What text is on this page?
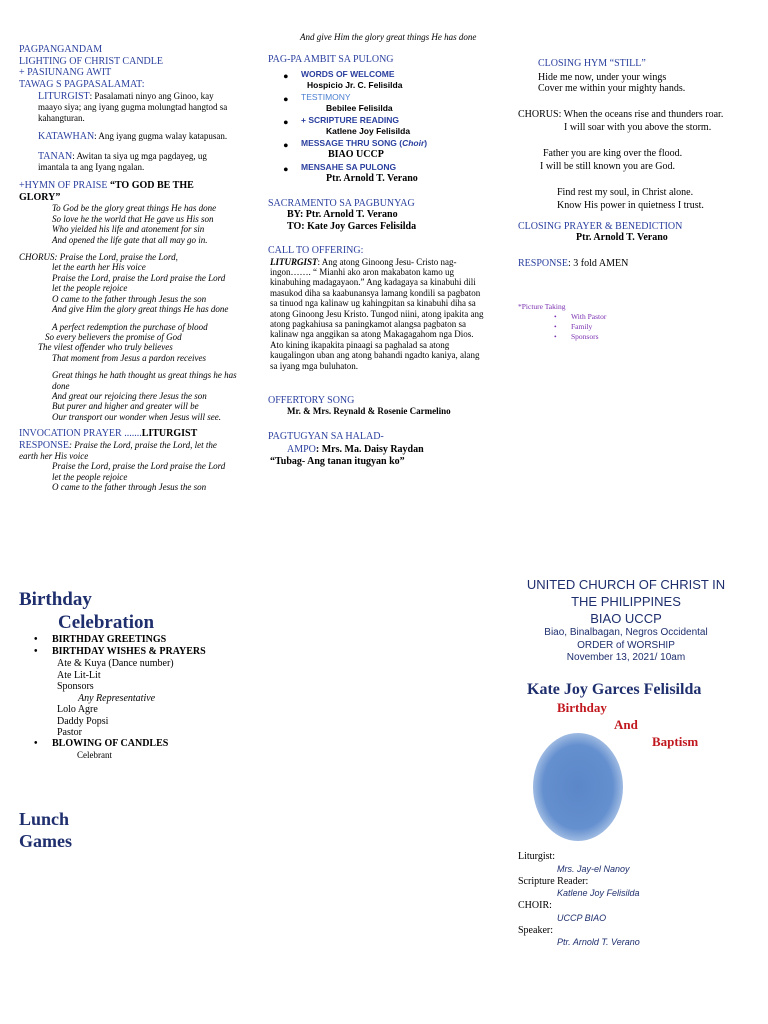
And give Him the glory great things He has done
PAGPANGANDAM
LIGHTING OF CHRIST CANDLE
+ PASIUNANG AWIT
TAWAG S PAGPASALAMAT:
LITURGIST: Pasalamati ninyo ang Ginoo, kay maayo siya; ang iyang gugma molungtad hangtod sa kahangturan.
KATAWHAN: Ang iyang gugma walay katapusan.
TANAN: Awitan ta siya ug mga pagdayeg, ug imantala ta ang Iyang ngalan.
+HYMN OF PRAISE “TO GOD BE THE GLORY”
To God be the glory great things He has done
So love he the world that He gave us His son
Who yielded his life and atonement for sin
And opened the life gate that all may go in.
CHORUS: Praise the Lord, praise the Lord,
let the earth her His voice
Praise the Lord, praise the Lord praise the Lord
let the people rejoice
O came to the father through Jesus the son
And give Him the glory great things He has done
A perfect redemption the purchase of blood
So every believers the promise of God
The vilest offender who truly believes
That moment from Jesus a pardon receives
Great things he hath thought us great things he has done
And great our rejoicing there Jesus the son
But purer and higher and greater will be
Our transport our wonder when Jesus will see.
INVOCATION PRAYER .......LITURGIST
RESPONSE: Praise the Lord, praise the Lord, let the earth her His voice
Praise the Lord, praise the Lord praise the Lord
let the people rejoice
O came to the father through Jesus the son
PAG-PA AMBIT SA PULONG
• WORDS OF WELCOME
Hospicio Jr. C. Felisilda
• TESTIMONY
Bebilee Felisilda
• + SCRIPTURE READING
Katlene Joy Felisilda
• MESSAGE THRU SONG (Choir)
BIAO UCCP
• MENSAHE SA PULONG
Ptr. Arnold T. Verano
SACRAMENTO SA PAGBUNYAG
BY: Ptr. Arnold T. Verano
TO: Kate Joy Garces Felisilda
CALL TO OFFERING:
LITURGIST: Ang atong Ginoong Jesu- Cristo nag-ingon……. “ Mianhi ako aron makabaton kamo ug kinabuhing madagayaon.” Ang kadagaya sa kinabuhi dili masukod diha sa kaabunansya lamang kondili sa pagbaton sa tinuod nga kalinaw ug kahingpitan sa kinabuhi diha sa atong Ginoong Jesu Kristo. Tungod niini, atong ipakita ang atong pagkahiusa sa paningkamot alangsa pagbaton sa kalinaw nga anggikan sa atong Makagagahom nga Dios. Ato kining ikapakita pinaagi sa paghalad sa atong kaugalingon uban ang atong bahandi ngadto kaniya, alang sa iyang mga buluhaton.
OFFERTORY SONG
Mr. & Mrs. Reynald & Rosenie Carmelino
PAGTUGYAN SA HALAD-
AMPO: Mrs. Ma. Daisy Raydan
“Tubag- Ang tanan itugyan ko”
CLOSING HYM “STILL”
Hide me now, under your wings
Cover me within your mighty hands.
CHORUS: When the oceans rise and thunders roar.
I will soar with you above the storm.
Father you are king over the flood.
I will be still known you are God.
Find rest my soul, in Christ alone.
Know His power in quietness I trust.
CLOSING PRAYER & BENEDICTION
Ptr. Arnold T. Verano
RESPONSE: 3 fold AMEN
*Picture Taking
• With Pastor
• Family
• Sponsors
Birthday
Celebration
• BIRTHDAY GREETINGS
• BIRTHDAY WISHES & PRAYERS
Ate & Kuya (Dance number)
Ate Lit-Lit
Sponsors
Any Representative
Lolo Agre
Daddy Popsi
Pastor
• BLOWING OF CANDLES
Celebrant
Lunch
Games
UNITED CHURCH OF CHRIST IN
THE PHILIPPINES
BIAO UCCP
Biao, Binalbagan, Negros Occidental
ORDER of WORSHIP
November 13, 2021/ 10am
Kate Joy Garces Felisilda
Birthday
And
Baptism
Liturgist:
Mrs. Jay-el Nanoy
Scripture Reader:
Katlene Joy Felisilda
CHOIR:
UCCP BIAO
Speaker:
Ptr. Arnold T. Verano
